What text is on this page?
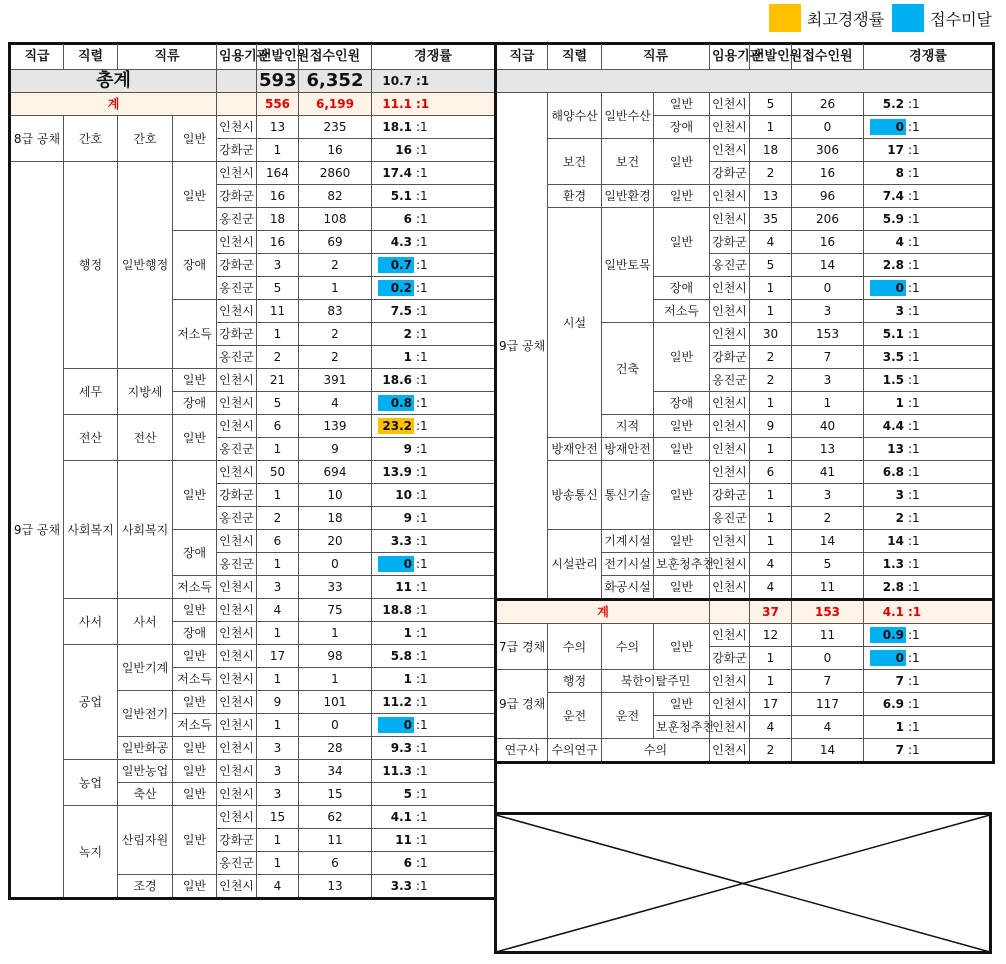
최고경쟁률	접수미달
직급	직렬	직류		임용기관	선발인원	접수인원	경쟁률

총계					593	6,352	10.7 :1
계					556	6,199	11.1 :1
8급 공채	간호	간호	일반	인천시	13	235	18.1 :1
				강화군	1	16	16 :1
9급 공채	행정	일반행정	일반	인천시	164	2860	17.4 :1
				강화군	16	82	5.1 :1
				옹진군	18	108	6 :1
			장애	인천시	16	69	4.3 :1
				강화군	3	2	0.7 :1
				옹진군	5	1	0.2 :1
			저소득	인천시	11	83	7.5 :1
				강화군	1	2	2 :1
				옹진군	2	2	1 :1
	세무	지방세	일반	인천시	21	391	18.6 :1
			장애	인천시	5	4	0.8 :1
	전산	전산	일반	인천시	6	139	23.2 :1
				옹진군	1	9	9 :1
	사회복지	사회복지	일반	인천시	50	694	13.9 :1
				강화군	1	10	10 :1
				옹진군	2	18	9 :1
			장애	인천시	6	20	3.3 :1
				옹진군	1	0	0 :1
			저소득	인천시	3	33	11 :1
	사서	사서	일반	인천시	4	75	18.8 :1
			장애	인천시	1	1	1 :1
	공업	일반기계	일반	인천시	17	98	5.8 :1
			저소득	인천시	1	1	1 :1
		일반전기	일반	인천시	9	101	11.2 :1
			저소득	인천시	1	0	0 :1
		일반화공	일반	인천시	3	28	9.3 :1
	농업	일반농업	일반	인천시	3	34	11.3 :1
		축산	일반	인천시	3	15	5 :1
	녹지	산림자원	일반	인천시	15	62	4.1 :1
				강화군	1	11	11 :1
				옹진군	1	6	6 :1
		조경	일반	인천시	4	13	3.3 :1
직급	직렬	직류		임용기관	선발인원	접수인원	경쟁률

9급 공채	해양수산	일반수산	일반	인천시	5	26	5.2 :1
			장애	인천시	1	0	0 :1
	보건	보건	일반	인천시	18	306	17 :1
				강화군	2	16	8 :1
	환경	일반환경	일반	인천시	13	96	7.4 :1
	시설	일반토목	일반	인천시	35	206	5.9 :1
				강화군	4	16	4 :1
				옹진군	5	14	2.8 :1
			장애	인천시	1	0	0 :1
			저소득	인천시	1	3	3 :1
		건축	일반	인천시	30	153	5.1 :1
				강화군	2	7	3.5 :1
				옹진군	2	3	1.5 :1
			장애	인천시	1	1	1 :1
		지적	일반	인천시	9	40	4.4 :1
	방재안전	방재안전	일반	인천시	1	13	13 :1
	방송통신	통신기술	일반	인천시	6	41	6.8 :1
				강화군	1	3	3 :1
				옹진군	1	2	2 :1
	시설관리	기계시설	일반	인천시	1	14	14 :1
		전기시설	보훈청추천	인천시	4	5	1.3 :1
		화공시설	일반	인천시	4	11	2.8 :1
계					37	153	4.1 :1
7급 경채	수의	수의	일반	인천시	12	11	0.9 :1
				강화군	1	0	0 :1
9급 경채	행정	북한이탈주민		인천시	1	7	7 :1
	운전	운전	일반	인천시	17	117	6.9 :1
			보훈청추천	인천시	4	4	1 :1
연구사	수의연구	수의		인천시	2	14	7 :1
